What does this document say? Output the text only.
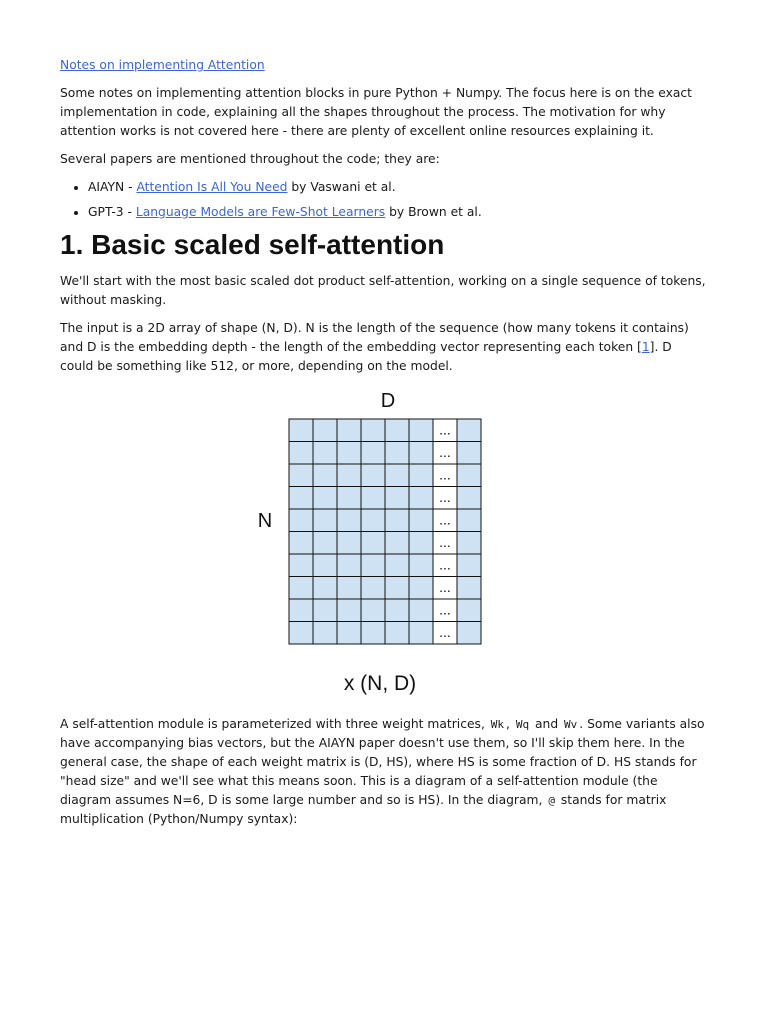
Notes on implementing Attention

Some notes on implementing attention blocks in pure Python + Numpy. The focus here is on the exact implementation in code, explaining all the shapes throughout the process. The motivation for why attention works is not covered here - there are plenty of excellent online resources explaining it.

Several papers are mentioned throughout the code; they are:

• AIAYN - Attention Is All You Need by Vaswani et al.
• GPT-3 - Language Models are Few-Shot Learners by Brown et al.
1. Basic scaled self-attention

We'll start with the most basic scaled dot product self-attention, working on a single sequence of tokens, without masking.

The input is a 2D array of shape (N, D). N is the length of the sequence (how many tokens it contains) and D is the embedding depth - the length of the embedding vector representing each token [1]. D could be something like 512, or more, depending on the model.

D
N
...
...
...
...
...
...
...
...
...
...
x (N, D)

A self-attention module is parameterized with three weight matrices, Wk , Wq and Wv . Some variants also have accompanying bias vectors, but the AIAYN paper doesn't use them, so I'll skip them here. In the general case, the shape of each weight matrix is (D, HS), where HS is some fraction of D. HS stands for "head size" and we'll see what this means soon. This is a diagram of a self-attention module (the diagram assumes N=6, D is some large number and so is HS). In the diagram, @ stands for matrix multiplication (Python/Numpy syntax):
